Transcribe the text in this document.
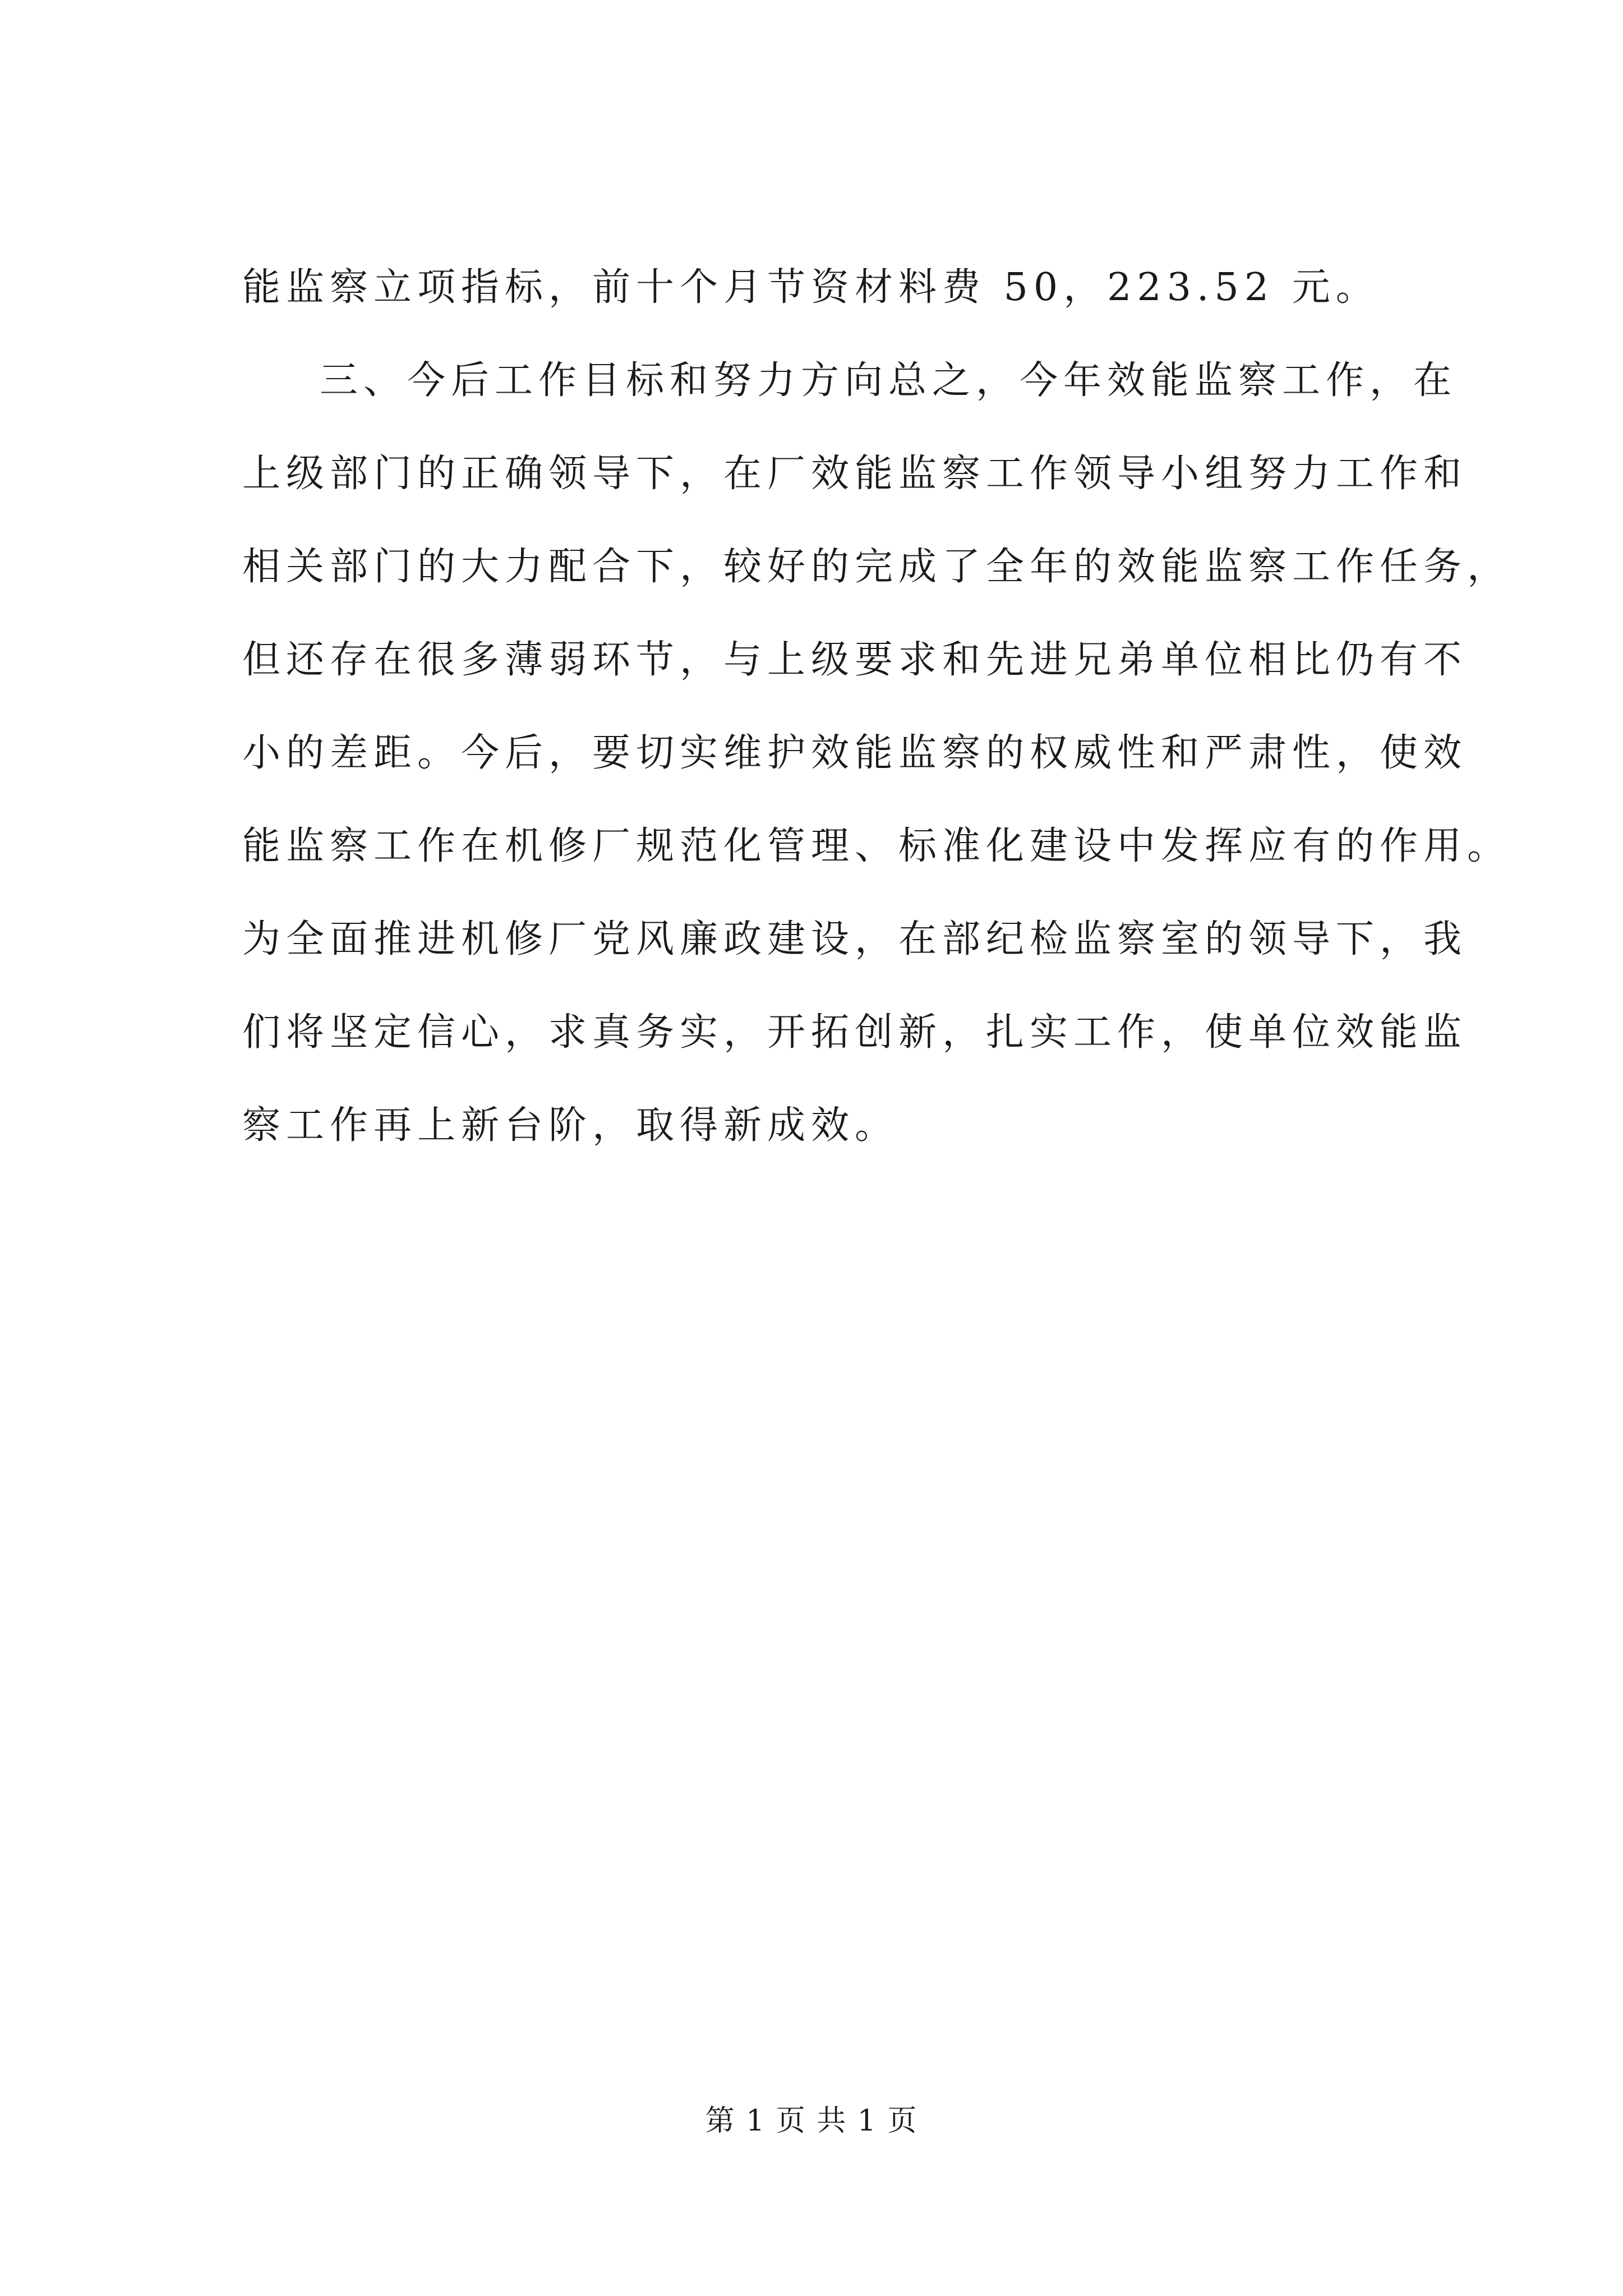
能监察立项指标，前十个月节资材料费 50，223.52 元。
三、今后工作目标和努力方向总之，今年效能监察工作，在
上级部门的正确领导下，在厂效能监察工作领导小组努力工作和
相关部门的大力配合下，较好的完成了全年的效能监察工作任务，
但还存在很多薄弱环节，与上级要求和先进兄弟单位相比仍有不
小的差距。今后，要切实维护效能监察的权威性和严肃性，使效
能监察工作在机修厂规范化管理、标准化建设中发挥应有的作用。
为全面推进机修厂党风廉政建设，在部纪检监察室的领导下，我
们将坚定信心，求真务实，开拓创新，扎实工作，使单位效能监
察工作再上新台阶，取得新成效。
第 1 页 共 1 页
